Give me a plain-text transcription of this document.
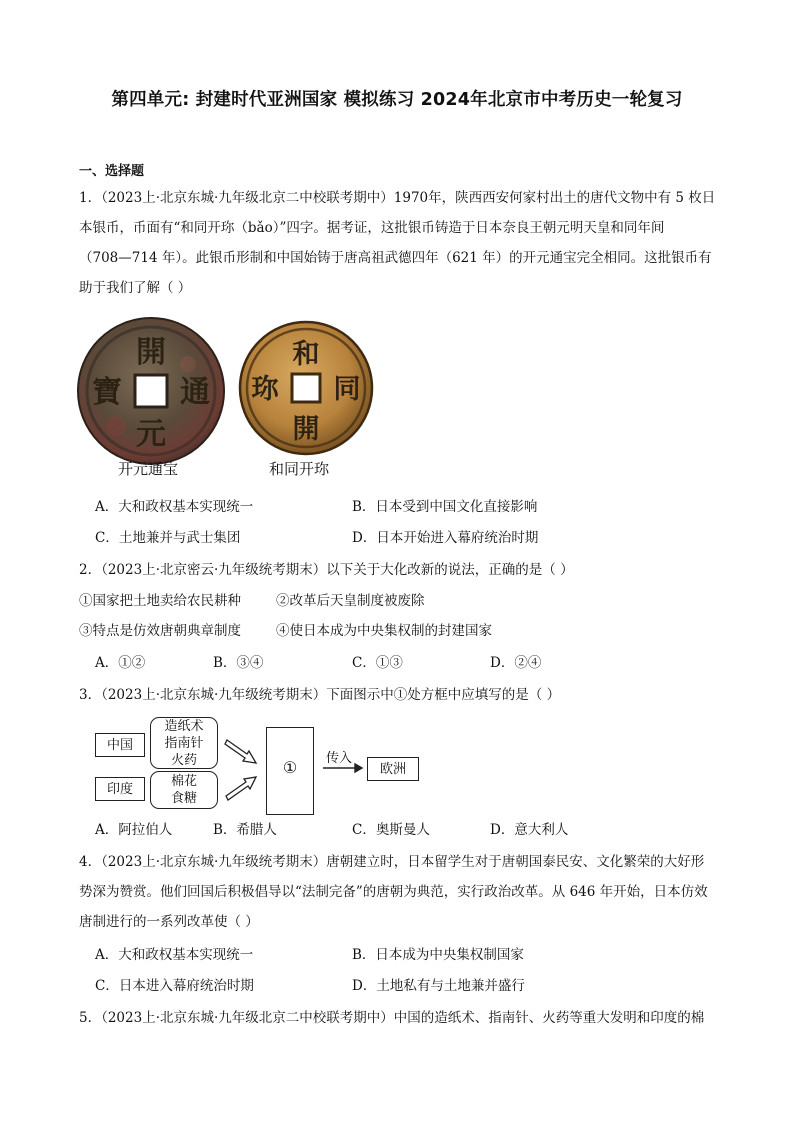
第四单元: 封建时代亚洲国家 模拟练习 2024年北京市中考历史一轮复习
一、选择题
1．（2023上·北京东城·九年级北京二中校联考期中）1970年，陕西西安何家村出土的唐代文物中有 5 枚日
本银币，币面有“和同开珎（bǎo）”四字。据考证，这批银币铸造于日本奈良王朝元明天皇和同年间
（708—714 年）。此银币形制和中国始铸于唐高祖武德四年（621 年）的开元通宝完全相同。这批银币有
助于我们了解（ ）
開
元
通
寶
开元通宝
和
開
同
珎
和同开珎
A．大和政权基本实现统一	B．日本受到中国文化直接影响
C．土地兼并与武士集团	D．日本开始进入幕府统治时期
2．（2023上·北京密云·九年级统考期末）以下关于大化改新的说法，正确的是（ ）
①国家把土地卖给农民耕种	②改革后天皇制度被废除
③特点是仿效唐朝典章制度	④使日本成为中央集权制的封建国家
A．①②	B．③④	C．①③	D．②④
3．（2023上·北京东城·九年级统考期末）下面图示中①处方框中应填写的是（ ）
中国
印度
造纸术
指南针
火药
棉花
食糖
①	传入
欧洲
A．阿拉伯人	B．希腊人	C．奥斯曼人	D．意大利人
4．（2023上·北京东城·九年级统考期末）唐朝建立时，日本留学生对于唐朝国泰民安、文化繁荣的大好形
势深为赞赏。他们回国后积极倡导以“法制完备”的唐朝为典范，实行政治改革。从 646 年开始，日本仿效
唐制进行的一系列改革使（ ）
A．大和政权基本实现统一	B．日本成为中央集权制国家
C．日本进入幕府统治时期	D．土地私有与土地兼并盛行
5．（2023上·北京东城·九年级北京二中校联考期中）中国的造纸术、指南针、火药等重大发明和印度的棉
